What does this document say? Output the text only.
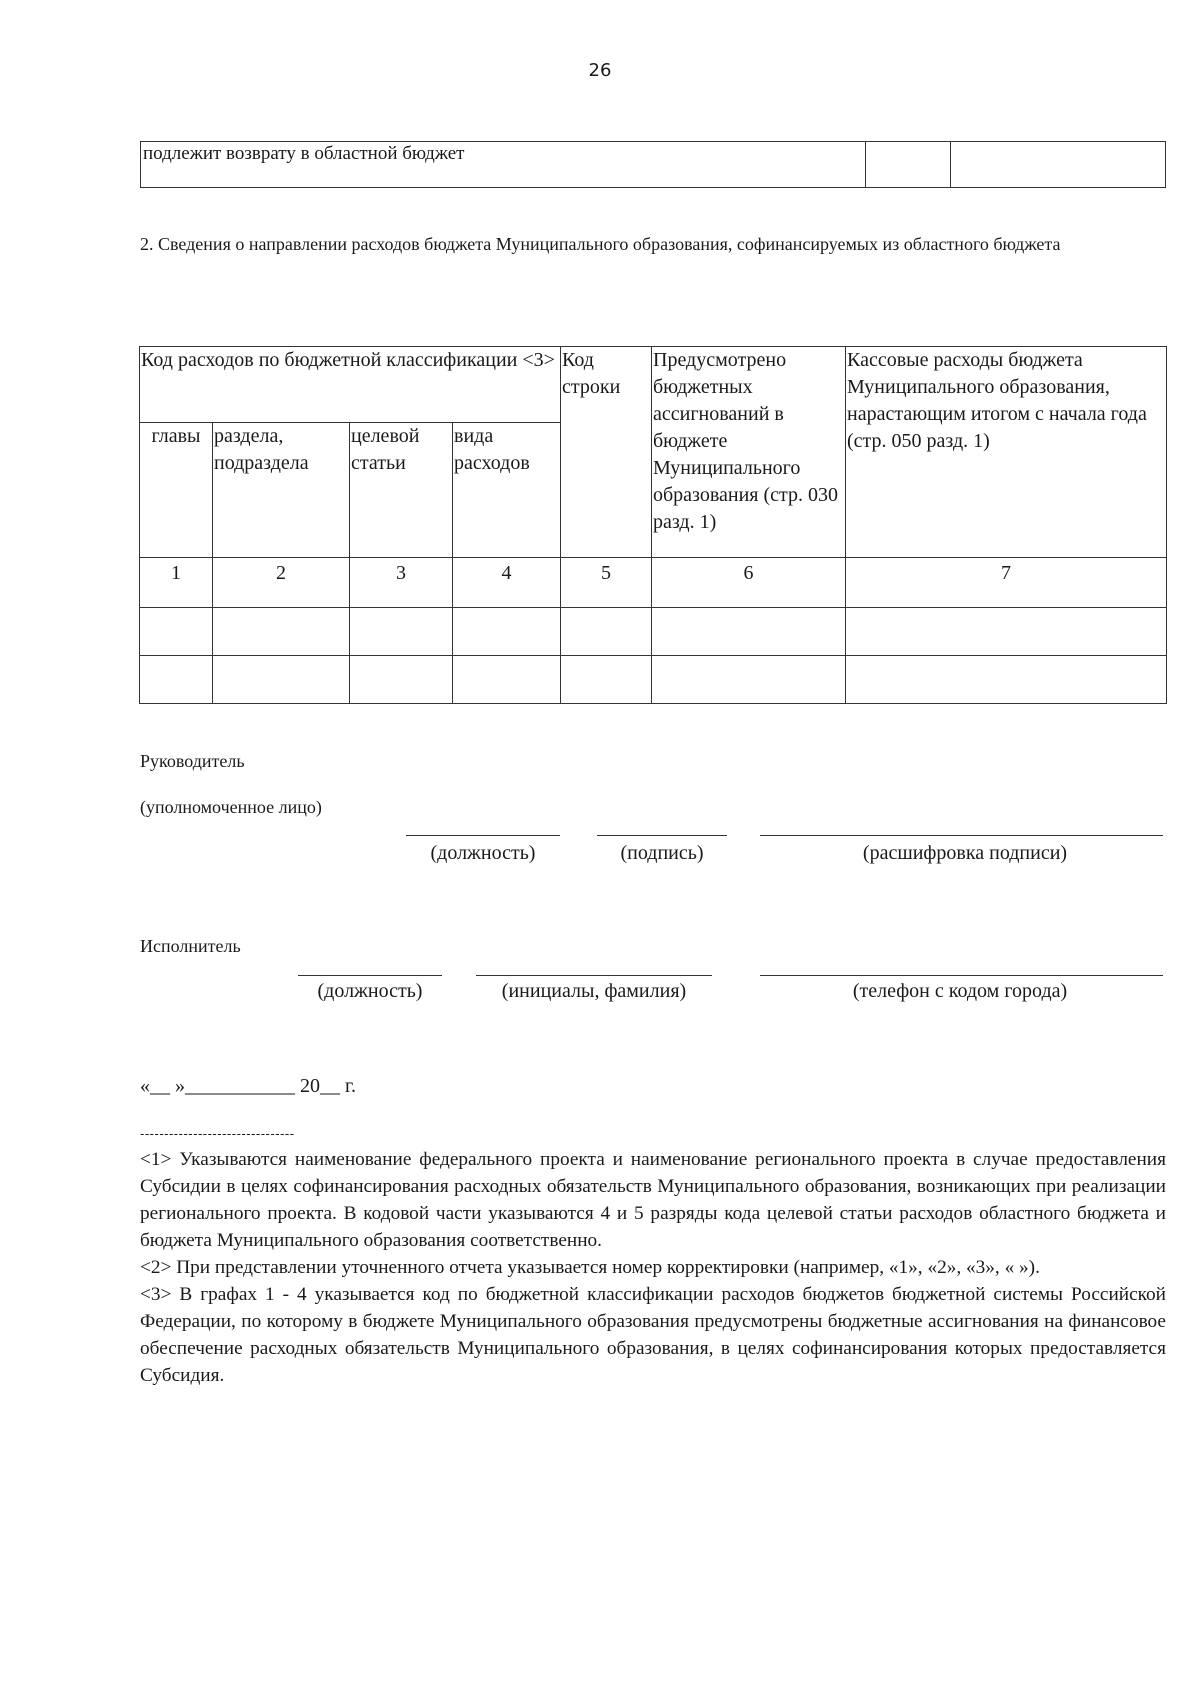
26
подлежит возврату в областной бюджет		
2. Сведения о направлении расходов бюджета Муниципального образования, софинансируемых из областного бюджета
Код расходов по бюджетной классификации <3>				Код строки	Предусмотрено бюджетных ассигнований в бюджете Муниципального образования (стр. 030 разд. 1)	Кассовые расходы бюджета Муниципального образования, нарастающим итогом с начала года (стр. 050 разд. 1)
главы	раздела, подраздела	целевой статьи	вида расходов			
1	2	3	4	5	6	7

Руководитель
(уполномоченное лицо)
(должность)	(подпись)	(расшифровка подписи)
Исполнитель
(должность)	(инициалы, фамилия)	(телефон с кодом города)
«__ »___________ 20__ г.
--------------------------------

<1> Указываются наименование федерального проекта и наименование регионального проекта в случае предоставления Субсидии в целях софинансирования расходных обязательств Муниципального образования, возникающих при реализации регионального проекта. В кодовой части указываются 4 и 5 разряды кода целевой статьи расходов областного бюджета и бюджета Муниципального образования соответственно.

<2> При представлении уточненного отчета указывается номер корректировки (например, «1», «2», «3», « »).

<3> В графах 1 - 4 указывается код по бюджетной классификации расходов бюджетов бюджетной системы Российской Федерации, по которому в бюджете Муниципального образования предусмотрены бюджетные ассигнования на финансовое обеспечение расходных обязательств Муниципального образования, в целях софинансирования которых предоставляется Субсидия.
